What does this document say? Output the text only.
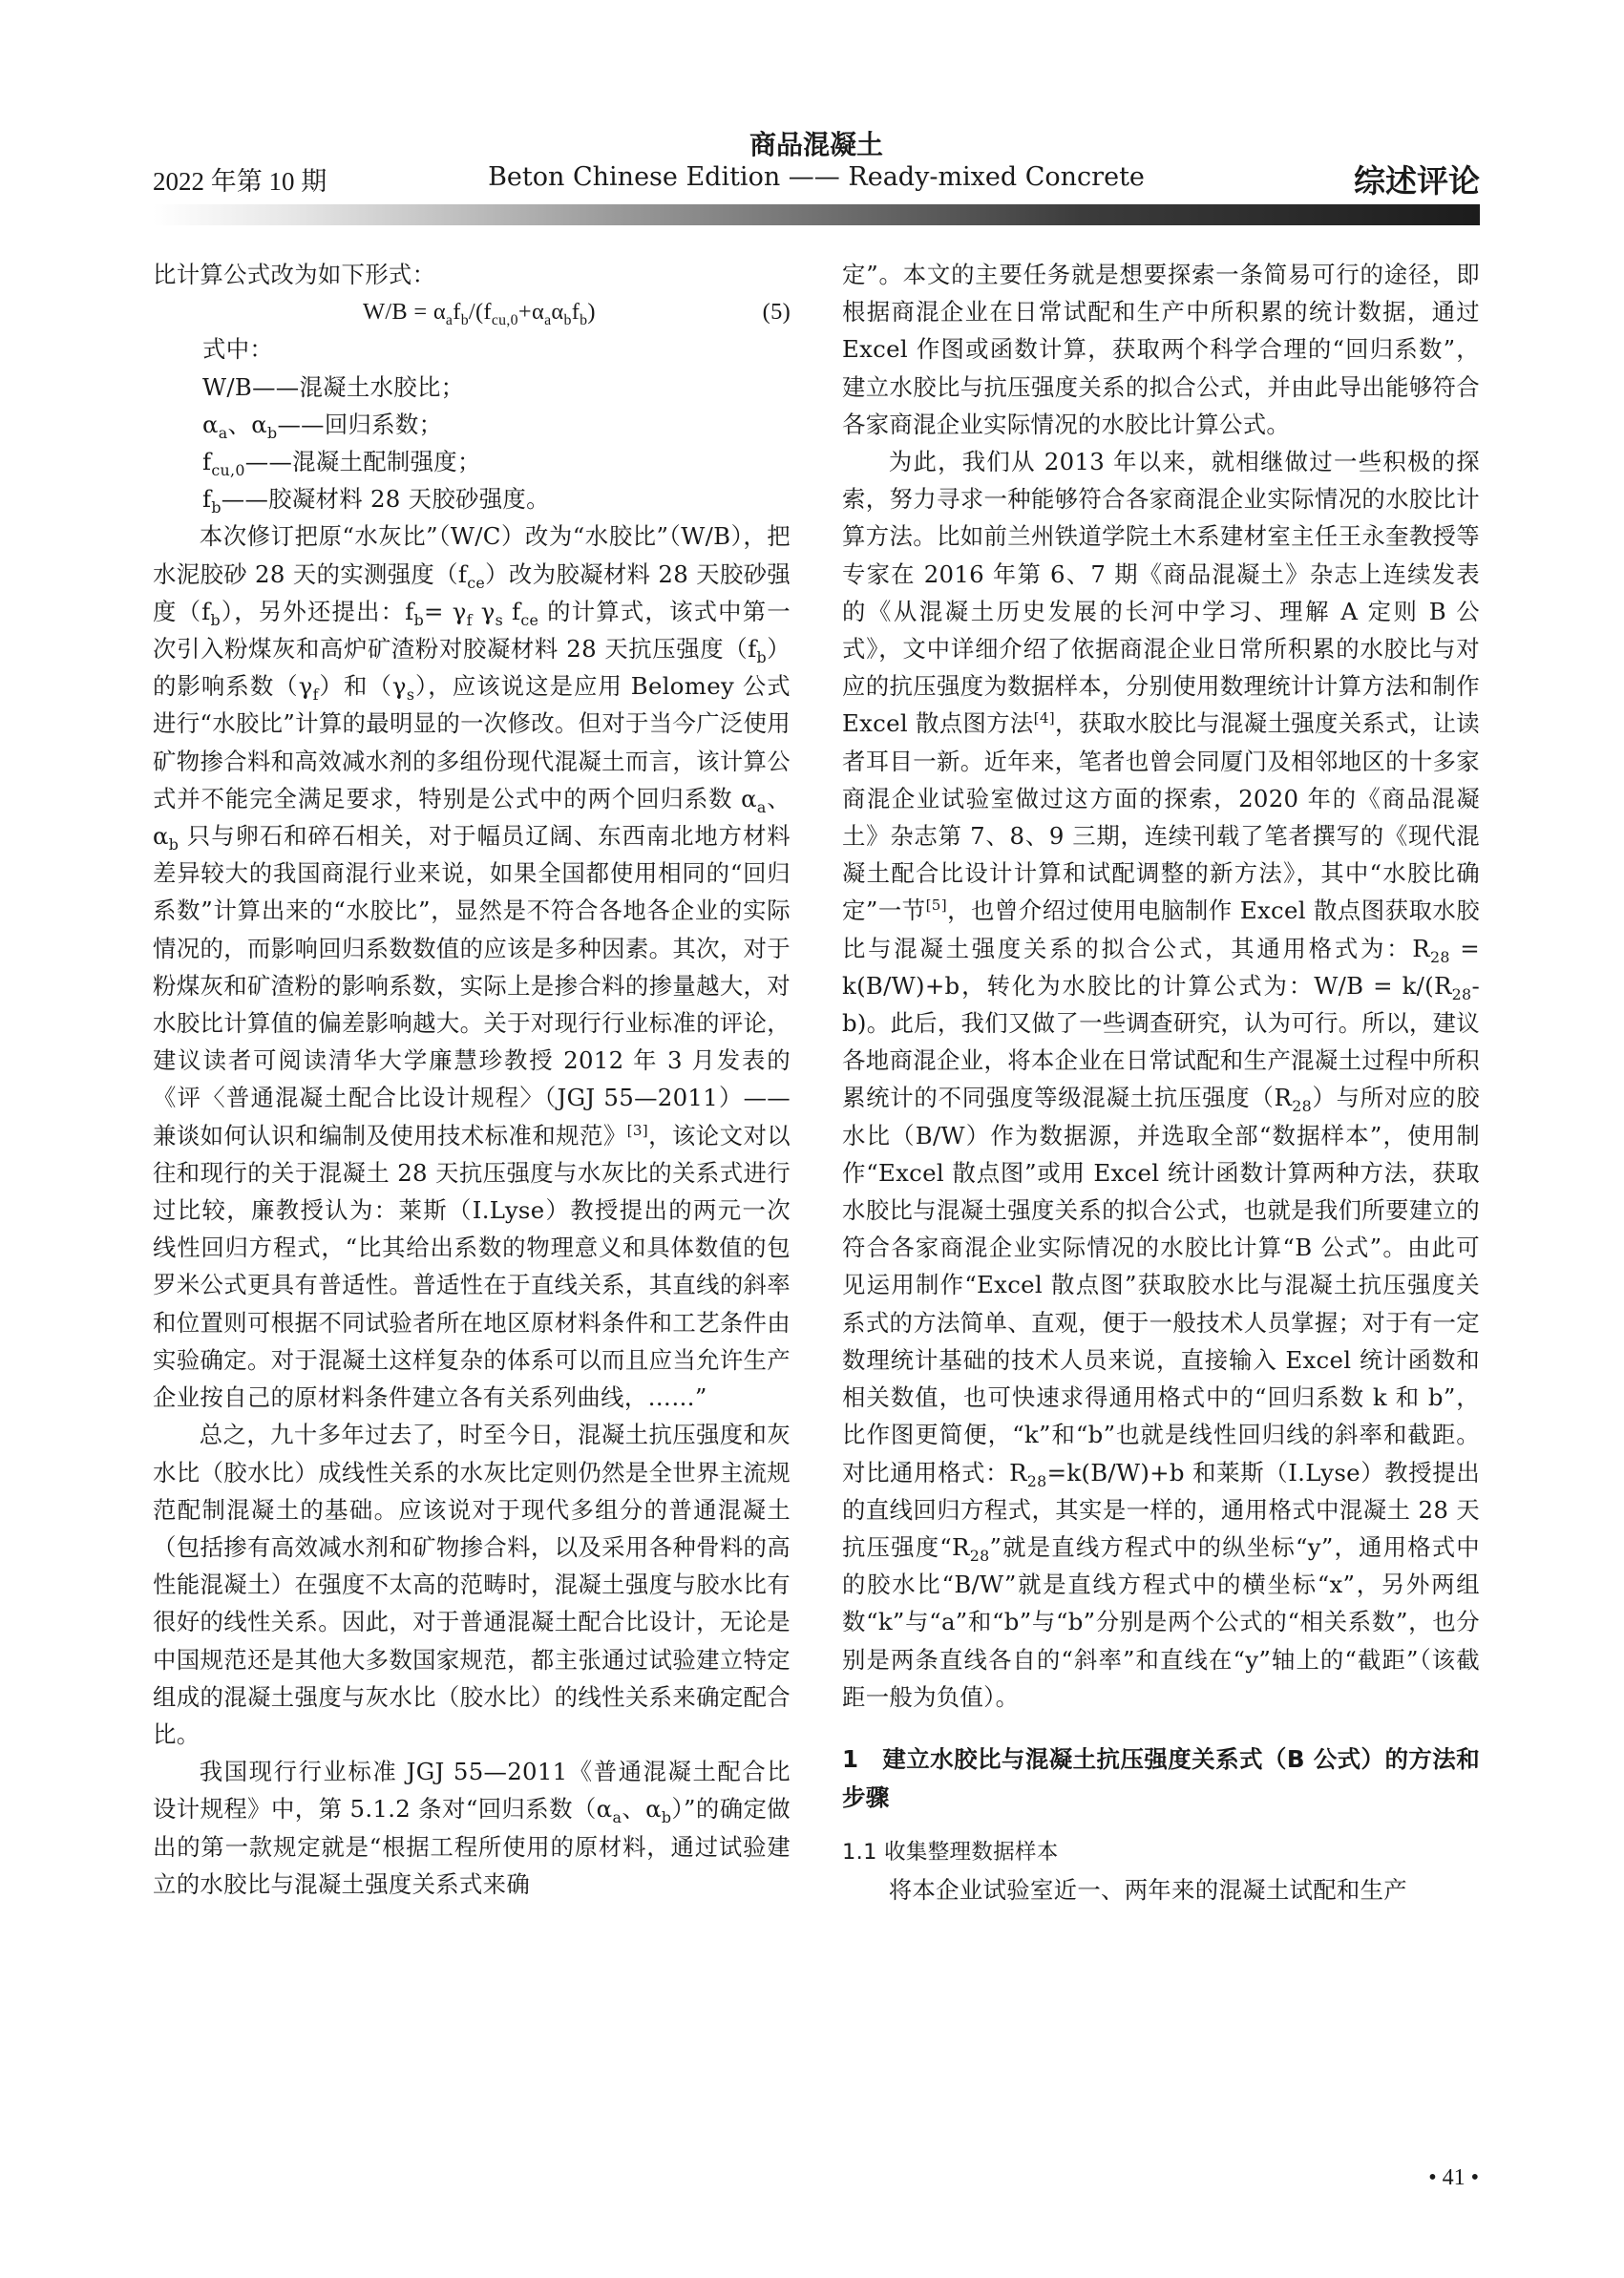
2022 年第 10 期
商品混凝土
Beton Chinese Edition —— Ready-mixed Concrete	综述评论

比计算公式改为如下形式：

$W/B = \alpha_af_b/(f_{cu,0}+\alpha_a\alpha_bf_b)$	(5)

式中：

W/B——混凝土水胶比；

$\alpha_a$、$\alpha_b——$回归系数；

$f_{cu,0}——$混凝土配制强度；

$f_b——$胶凝材料 28 天胶砂强度。

本次修订把原“水灰比”（W/C）改为“水胶比”（W/B），把水泥胶砂 28 天的实测强度$(f_{ce})$改为胶凝材料 28 天胶砂强度$(f_b)$，另外还提出：$f_b= \gamma_f$ $\gamma_s$ $f_{ce}$ 的计算式，该式中第一次引入粉煤灰和高炉矿渣粉对胶凝材料 28 天抗压强度$(f_b)$的影响系数$(\gamma_f)$和$(\gamma_s)$，应该说这是应用 Belomey 公式进行“水胶比”计算的最明显的一次修改。但对于当今广泛使用矿物掺合料和高效减水剂的多组份现代混凝土而言，该计算公式并不能完全满足要求，特别是公式中的两个回归系数 $\alpha_a$、$\alpha_b$ 只与卵石和碎石相关，对于幅员辽阔、东西南北地方材料差异较大的我国商混行业来说，如果全国都使用相同的“回归系数”计算出来的“水胶比”，显然是不符合各地各企业的实际情况的，而影响回归系数数值的应该是多种因素。其次，对于粉煤灰和矿渣粉的影响系数，实际上是掺合料的掺量越大，对水胶比计算值的偏差影响越大。关于对现行行业标准的评论，建议读者可阅读清华大学廉慧珍教授 2012 年 3 月发表的《评〈普通混凝土配合比设计规程〉（JGJ 55—2011）——兼谈如何认识和编制及使用技术标准和规范》[3]，该论文对以往和现行的关于混凝土 28 天抗压强度与水灰比的关系式进行过比较，廉教授认为：莱斯（I.Lyse）教授提出的两元一次线性回归方程式，“比其给出系数的物理意义和具体数值的包罗米公式更具有普适性。普适性在于直线关系，其直线的斜率和位置则可根据不同试验者所在地区原材料条件和工艺条件由实验确定。对于混凝土这样复杂的体系可以而且应当允许生产企业按自己的原材料条件建立各有关系列曲线，……”

总之，九十多年过去了，时至今日，混凝土抗压强度和灰水比（胶水比）成线性关系的水灰比定则仍然是全世界主流规范配制混凝土的基础。应该说对于现代多组分的普通混凝土（包括掺有高效减水剂和矿物掺合料，以及采用各种骨料的高性能混凝土）在强度不太高的范畴时，混凝土强度与胶水比有很好的线性关系。因此，对于普通混凝土配合比设计，无论是中国规范还是其他大多数国家规范，都主张通过试验建立特定组成的混凝土强度与灰水比（胶水比）的线性关系来确定配合比。

我国现行行业标准 JGJ 55—2011《普通混凝土配合比设计规程》中，第 5.1.2 条对“回归系数（$\alpha_a$、$\alpha_b$）”的确定做出的第一款规定就是“根据工程所使用的原材料，通过试验建立的水胶比与混凝土强度关系式来确

定”。本文的主要任务就是想要探索一条简易可行的途径，即根据商混企业在日常试配和生产中所积累的统计数据，通过 Excel 作图或函数计算，获取两个科学合理的“回归系数”，建立水胶比与抗压强度关系的拟合公式，并由此导出能够符合各家商混企业实际情况的水胶比计算公式。

为此，我们从 2013 年以来，就相继做过一些积极的探索，努力寻求一种能够符合各家商混企业实际情况的水胶比计算方法。比如前兰州铁道学院土木系建材室主任王永奎教授等专家在 2016 年第 6、7 期《商品混凝土》杂志上连续发表的《从混凝土历史发展的长河中学习、理解 A 定则 B 公式》，文中详细介绍了依据商混企业日常所积累的水胶比与对应的抗压强度为数据样本，分别使用数理统计计算方法和制作 Excel 散点图方法[4]，获取水胶比与混凝土强度关系式，让读者耳目一新。近年来，笔者也曾会同厦门及相邻地区的十多家商混企业试验室做过这方面的探索，2020 年的《商品混凝土》杂志第 7、8、9 三期，连续刊载了笔者撰写的《现代混凝土配合比设计计算和试配调整的新方法》，其中“水胶比确定”一节[5]，也曾介绍过使用电脑制作 Excel 散点图获取水胶比与混凝土强度关系的拟合公式，其通用格式为：$R_{28} = k(B/W)+b$，转化为水胶比的计算公式为：$W/B = k/(R_{28}-b)$。此后，我们又做了一些调查研究，认为可行。所以，建议各地商混企业，将本企业在日常试配和生产混凝土过程中所积累统计的不同强度等级混凝土抗压强度$(R_{28})$与所对应的胶水比（B/W）作为数据源，并选取全部“数据样本”，使用制作“Excel 散点图”或用 Excel 统计函数计算两种方法，获取水胶比与混凝土强度关系的拟合公式，也就是我们所要建立的符合各家商混企业实际情况的水胶比计算“B 公式”。由此可见运用制作“Excel 散点图”获取胶水比与混凝土抗压强度关系式的方法简单、直观，便于一般技术人员掌握；对于有一定数理统计基础的技术人员来说，直接输入 Excel 统计函数和相关数值，也可快速求得通用格式中的“回归系数 k 和 b”，比作图更简便，“k”和“b”也就是线性回归线的斜率和截距。对比通用格式：$R_{28}=k(B/W)+b$ 和莱斯（I.Lyse）教授提出的直线回归方程式，其实是一样的，通用格式中混凝土 28 天抗压强度“$R_{28}$”就是直线方程式中的纵坐标“y”，通用格式中的胶水比“B/W”就是直线方程式中的横坐标“x”，另外两组数“k”与“a”和“b”与“b”分别是两个公式的“相关系数”，也分别是两条直线各自的“斜率”和直线在“y”轴上的“截距”（该截距一般为负值）。

1　建立水胶比与混凝土抗压强度关系式（B 公式）的方法和步骤

1.1 收集整理数据样本

将本企业试验室近一、两年来的混凝土试配和生产

• 41 •
